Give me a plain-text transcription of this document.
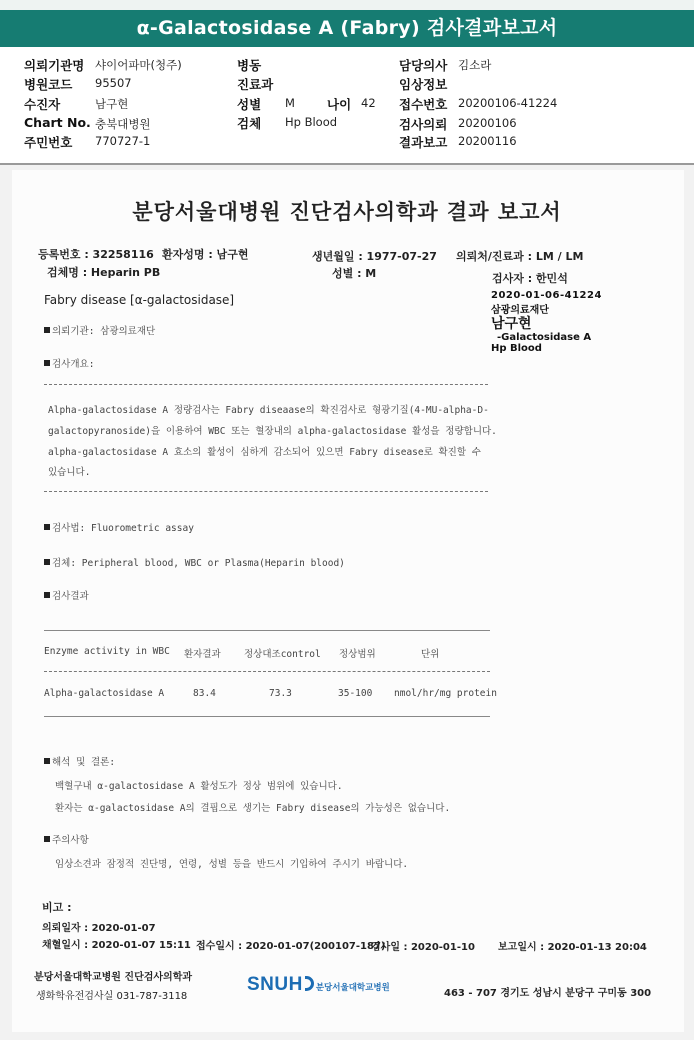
α-Galactosidase A (Fabry) 검사결과보고서
의뢰기관명 샤이어파마(청주)
병원코드 95507
수진자	남구현
Chart No. 충북대병원
주민번호 770727-1
병동
진료과
성별 M	나이 42
검체 Hp Blood
담당의사 김소라
임상정보
접수번호 20200106-41224
검사의뢰 20200106
결과보고 20200116
분당서울대병원 진단검사의학과 결과 보고서
등록번호 : 32258116 환자성명 : 남구현	생년월일 : 1977-07-27 의뢰처/진료과 : LM / LM
검체명 : Heparin PB	성별 : M	검사자 : 한민석
Fabry disease [α-galactosidase]	2020-01-06-41224
삼광의료재단
남구현
-Galactosidase A
Hp Blood
의뢰기관: 삼광의료재단
검사개요:
Alpha-galactosidase A 정량검사는 Fabry diseaase의 확진검사로 형광기질(4-MU-alpha-D-
galactopyranoside)을 이용하여 WBC 또는 혈장내의 alpha-galactosidase 활성을 정량합니다.
alpha-galactosidase A 효소의 활성이 심하게 감소되어 있으면 Fabry disease로 확진할 수
있습니다.
검사법: Fluorometric assay
검체: Peripheral blood, WBC or Plasma(Heparin blood)
검사결과
Enzyme activity in WBC 환자결과 정상대조control 정상범위	단위
Alpha-galactosidase A	83.4	73.3	35-100 nmol/hr/mg protein
해석 및 결론:
백혈구내 α-galactosidase A 활성도가 정상 범위에 있습니다.
환자는 α-galactosidase A의 결핍으로 생기는 Fabry disease의 가능성은 없습니다.
주의사항
임상소견과 잠정적 진단명, 연령, 성별 등을 반드시 기입하여 주시기 바랍니다.
비고 :
의뢰일자 : 2020-01-07
채혈일시 : 2020-01-07 15:11 접수일시 : 2020-01-07(200107-187)
검사일 : 2020-01-10 보고일시 : 2020-01-13 20:04
분당서울대학교병원 진단검사의학과
생화학유전검사실 031-787-3118
SNUH 분당서울대학교병원	463 - 707 경기도 성남시 분당구 구미동 300
